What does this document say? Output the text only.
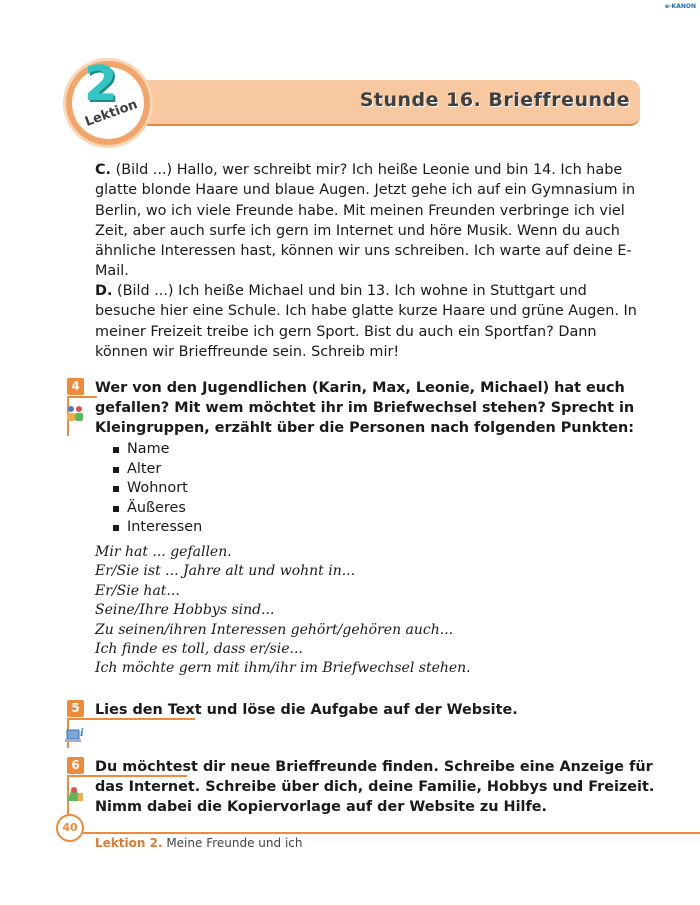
e-KANON
Stunde 16. Brieffreunde
2
Lektion

C. (Bild ...) Hallo, wer schreibt mir? Ich heiße Leonie und bin 14. Ich habe glatte blonde Haare und blaue Augen. Jetzt gehe ich auf ein Gymnasium in Berlin, wo ich viele Freunde habe. Mit meinen Freunden verbringe ich viel Zeit, aber auch surfe ich gern im Internet und höre Musik. Wenn du auch ähnliche Interessen hast, können wir uns schreiben. Ich warte auf deine E-Mail.

D. (Bild ...) Ich heiße Michael und bin 13. Ich wohne in Stuttgart und besuche hier eine Schule. Ich habe glatte kurze Haare und grüne Augen. In meiner Freizeit treibe ich gern Sport. Bist du auch ein Sportfan? Dann können wir Brieffreunde sein. Schreib mir!

4	Wer von den Jugendlichen (Karin, Max, Leonie, Michael) hat euch gefallen? Mit wem möchtet ihr im Briefwechsel stehen? Sprecht in Kleingruppen, erzählt über die Personen nach folgenden Punkten:

Name
Alter
Wohnort
Äußeres
Interessen
Mir hat ... gefallen.
Er/Sie ist ... Jahre alt und wohnt in...
Er/Sie hat...
Seine/Ihre Hobbys sind...
Zu seinen/ihren Interessen gehört/gehören auch...
Ich finde es toll, dass er/sie...
Ich möchte gern mit ihm/ihr im Briefwechsel stehen.
5
i

Lies den Text und löse die Aufgabe auf der Website.

6	Du möchtest dir neue Brieffreunde finden. Schreibe eine Anzeige für das Internet. Schreibe über dich, deine Familie, Hobbys und Freizeit. Nimm dabei die Kopiervorlage auf der Website zu Hilfe.

40
Lektion 2. Meine Freunde und ich
